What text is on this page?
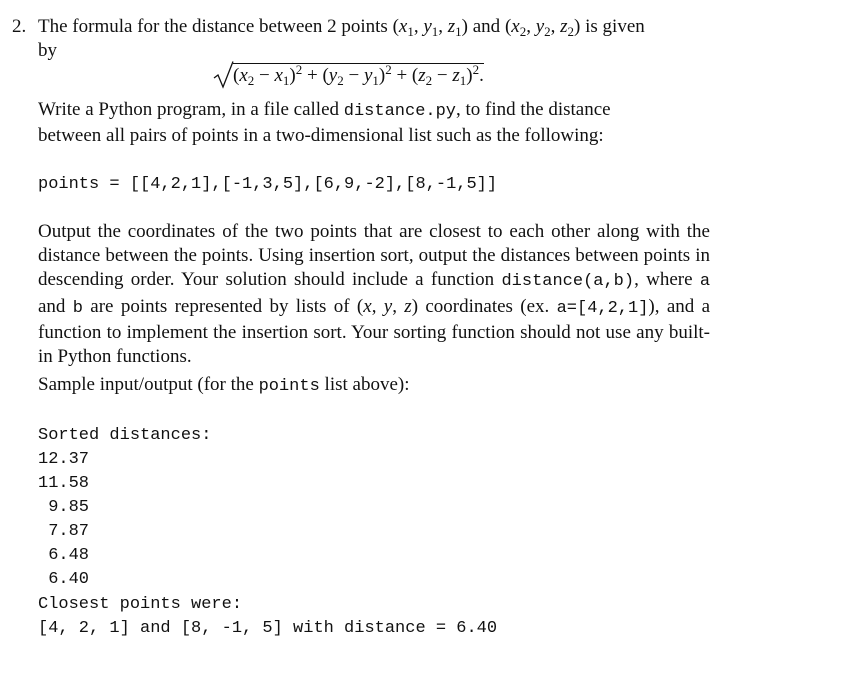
2. The formula for the distance between 2 points ($x_1$, $y_1$, $z_1$) and ($x_2$, $y_2$, $z_2$) is given
by
$(x_2 - x_1)^2 + (y_2 - y_1)^2 + (z_2 - z_1)^2$.

Write a Python program, in a file called distance.py, to find the distance

between all pairs of points in a two-dimensional list such as the following:

points = [[4,2,1],[-1,3,5],[6,9,-2],[8,-1,5]]

Output the coordinates of the two points that are closest to each other along with the distance between the points. Using insertion sort, output the distances between points in descending order. Your solution should include a function distance(a,b), where a and b are points represented by lists of (x, y, z) coordinates (ex. a=[4,2,1]), and a function to implement the insertion sort. Your sorting function should not use any built-in Python functions.

Sample input/output (for the points list above):
Sorted distances:
12.37
11.58
9.85
7.87
6.48
6.40
Closest points were:
[4, 2, 1] and [8, -1, 5] with distance = 6.40
